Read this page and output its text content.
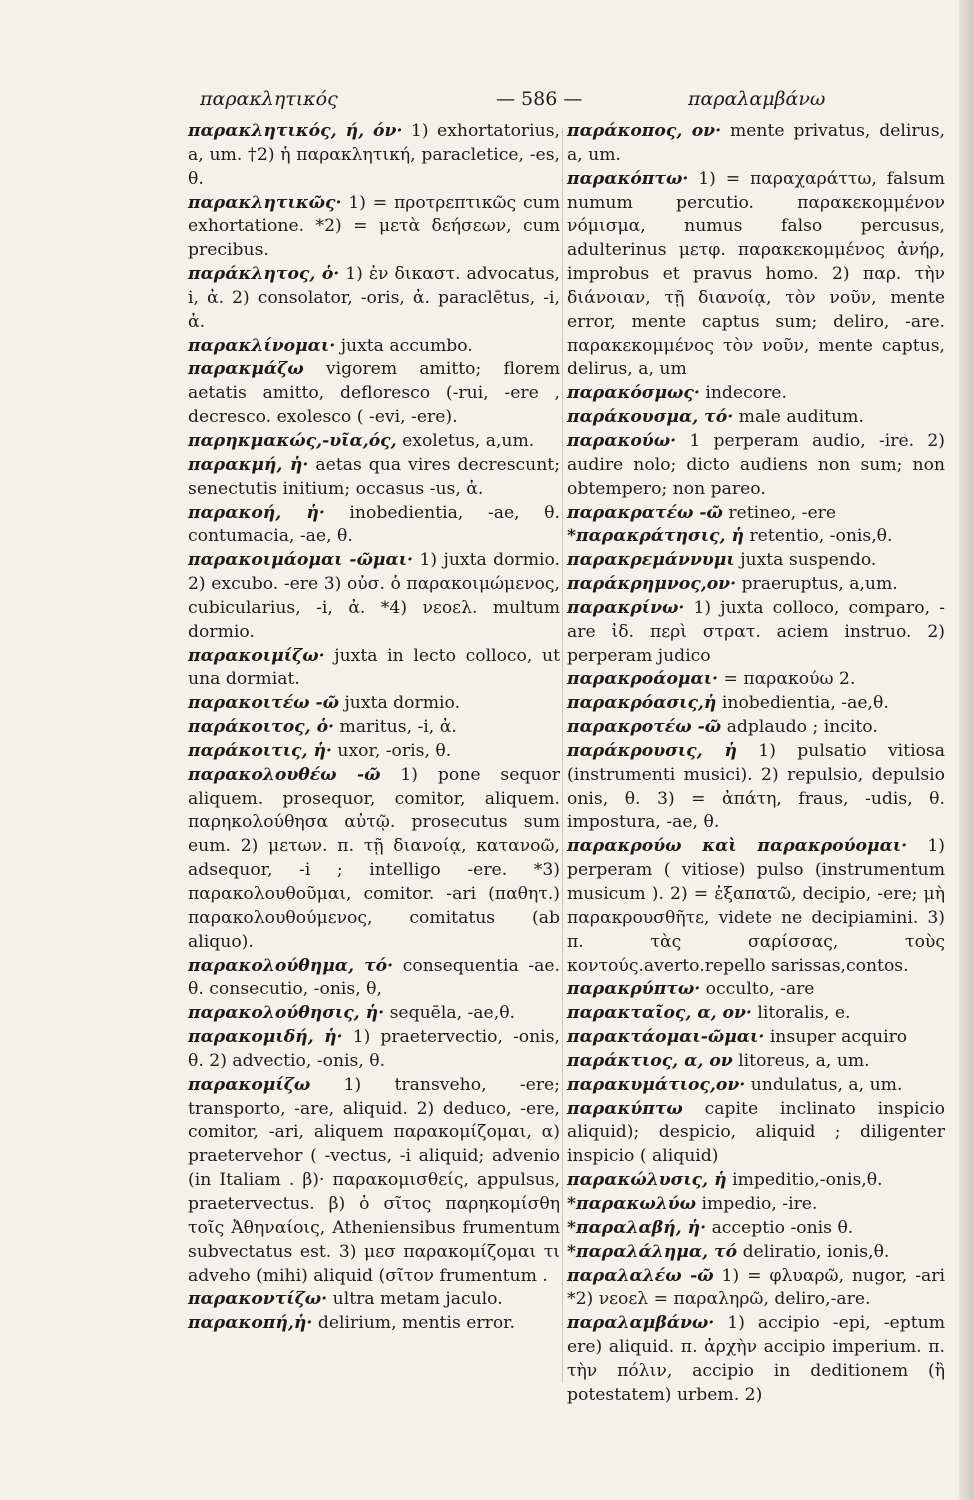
παρακλητικός	— 586 —	παραλαμβάνω

παρακλητικός, ή, όν· 1) exhortatorius, a, um. †2) ἡ παρακλητική, paracletice, -es, θ.

παρακλητικῶς· 1) = προτρεπτικῶς cum exhortatione. *2) = μετὰ δεήσεων, cum precibus.

παράκλητος, ὁ· 1) ἐν δικαστ. advocatus, i, ἀ. 2) consolator, -oris, ἀ. paraclētus, -i, ἀ.

παρακλίνομαι· juxta accumbo.

παρακμάζω vigorem amitto; florem aetatis amitto, defloresco (-rui, -ere , decresco. exolesco ( -evi, -ere).

παρηκμακώς,-υῖα,ός, exoletus, a,um.

παρακμή, ἡ· aetas qua vires decrescunt; senectutis initium; occasus -us, ἀ.

παρακοή, ἡ· inobedientia, -ae, θ. contumacia, -ae, θ.

παρακοιμάομαι -ῶμαι· 1) juxta dormio. 2) excubo. -ere 3) οὐσ. ὁ παρακοιμώμενος, cubicularius, -i, ἀ. *4) νεοελ. multum dormio.

παρακοιμίζω· juxta in lecto colloco, ut una dormiat.

παρακοιτέω -ῶ juxta dormio.

παράκοιτος, ὁ· maritus, -i, ἀ.

παράκοιτις, ἡ· uxor, -oris, θ.

παρακολουθέω -ῶ 1) pone sequor aliquem. prosequor, comitor, aliquem. παρηκολούθησα αὐτῷ. prosecutus sum eum. 2) μετων. π. τῇ διανοίᾳ, κατανοῶ, adsequor, -i ; intelligo -ere. *3) παρακολουθοῦμαι, comitor. -ari (παθητ.) παρακολουθούμενος, comitatus (ab aliquo).

παρακολούθημα, τό· consequentia -ae. θ. consecutio, -onis, θ,

παρακολούθησις, ἡ· sequēla, -ae,θ.

παρακομιδή, ἡ· 1) praetervectio, -onis, θ. 2) advectio, -onis, θ.

παρακομίζω 1) transveho, -ere; transporto, -are, aliquid. 2) deduco, -ere, comitor, -ari, aliquem παρακομίζομαι, α) praetervehor ( -vectus, -i aliquid; advenio (in Italiam . β)· παρακομισθείς, appulsus, praetervectus. β) ὁ σῖτος παρηκομίσθη τοῖς Ἀθηναίοις, Atheniensibus frumentum subvectatus est. 3) μεσ παρακομίζομαι τι adveho (mihi) aliquid (σῖτον frumentum .

παρακοντίζω· ultra metam jaculo.

παρακοπή,ἡ· delirium, mentis error.

παράκοπος, ον· mente privatus, delirus, a, um.

παρακόπτω· 1) = παραχαράττω, falsum numum percutio. παρακεκομμένον νόμισμα, numus falso percusus, adulterinus μετφ. παρακεκομμένος ἀνήρ, improbus et pravus homo. 2) παρ. τὴν διάνοιαν, τῇ διανοίᾳ, τὸν νοῦν, mente error, mente captus sum; deliro, -are. παρακεκομμένος τὸν νοῦν, mente captus, delirus, a, um

παρακόσμως· indecore.

παράκουσμα, τό· male auditum.

παρακούω· 1 perperam audio, -ire. 2) audire nolo; dicto audiens non sum; non obtempero; non pareo.

παρακρατέω -ῶ retineo, -ere

*παρακράτησις, ἡ retentio, -onis,θ.

παρακρεμάννυμι juxta suspendo.

παράκρημνος,ον· praeruptus, a,um.

παρακρίνω· 1) juxta colloco, comparo, -are ἰδ. περὶ στρατ. aciem instruo. 2) perperam judico

παρακροάομαι· = παρακούω 2.

παρακρόασις,ἡ inobedientia, -ae,θ.

παρακροτέω -ῶ adplaudo ; incito.

παράκρουσις, ἡ 1) pulsatio vitiosa (instrumenti musici). 2) repulsio, depulsio onis, θ. 3) = ἀπάτη, fraus, -udis, θ. impostura, -ae, θ.

παρακρούω καὶ παρακρούομαι· 1) perperam ( vitiose) pulso (instrumentum musicum ). 2) = ἐξαπατῶ, decipio, -ere; μὴ παρακρουσθῆτε, videte ne decipiamini. 3) π. τὰς σαρίσσας, τοὺς κοντούς.averto.repello sarissas,contos.

παρακρύπτω· occulto, -are

παρακταῖος, α, ον· litoralis, e.

παρακτάομαι-ῶμαι· insuper acquiro

παράκτιος, α, ον litoreus, a, um.

παρακυμάτιος,ον· undulatus, a, um.

παρακύπτω capite inclinato inspicio aliquid); despicio, aliquid ; diligenter inspicio ( aliquid)

παρακώλυσις, ἡ impeditio,-onis,θ.

*παρακωλύω impedio, -ire.

*παραλαβή, ἡ· acceptio -onis θ.

*παραλάλημα, τό deliratio, ionis,θ.

παραλαλέω -ῶ 1) = φλυαρῶ, nugor, -ari *2) νεοελ = παραληρῶ, deliro,-are.

παραλαμβάνω· 1) accipio -epi, -eptum ere) aliquid. π. ἀρχὴν accipio imperium. π. τὴν πόλιν, accipio in deditionem (ἢ potestatem) urbem. 2)
